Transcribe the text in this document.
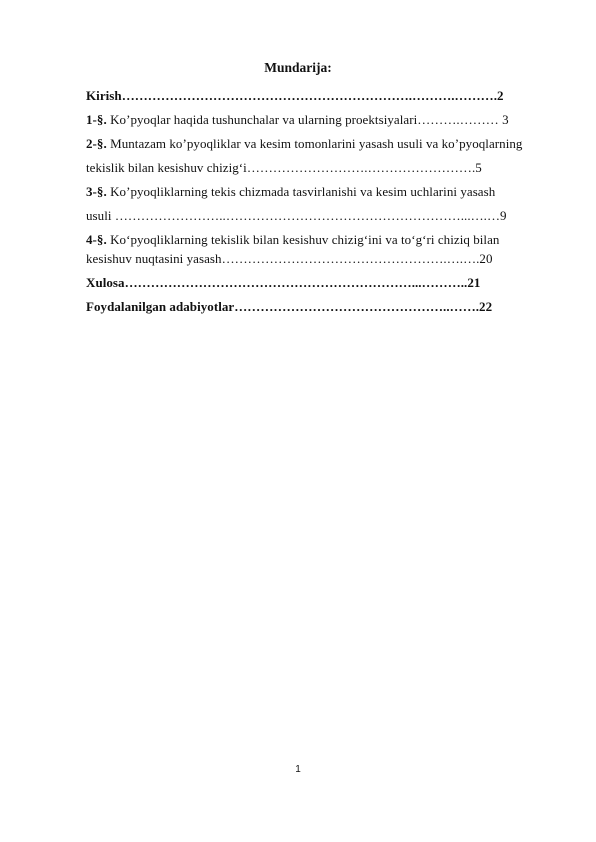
Mundarija:
Kirish………………………………………………………….……….……….2
1-§. Ko’pyoqlar haqida tushunchalar va ularning proektsiyalari……….……… 3
2-§. Muntazam ko’pyoqliklar va kesim tomonlarini yasash usuli va ko’pyoqlarning
tekislik bilan kesishuv chizig‘i……………………….…………………….5
3-§. Ko’pyoqliklarning tekis chizmada tasvirlanishi va kesim uchlarini yasash
usuli ……………………..………………………………………………...….…9
4-§. Ko‘pyoqliklarning tekislik bilan kesishuv chizig‘ini va to‘g‘ri chiziq bilan
kesishuv nuqtasini yasash…………………………………………….….….20
Xulosa…………………………………………………………...………..21
Foydalanilgan adabiyotlar…………………………………………..…….22
1
